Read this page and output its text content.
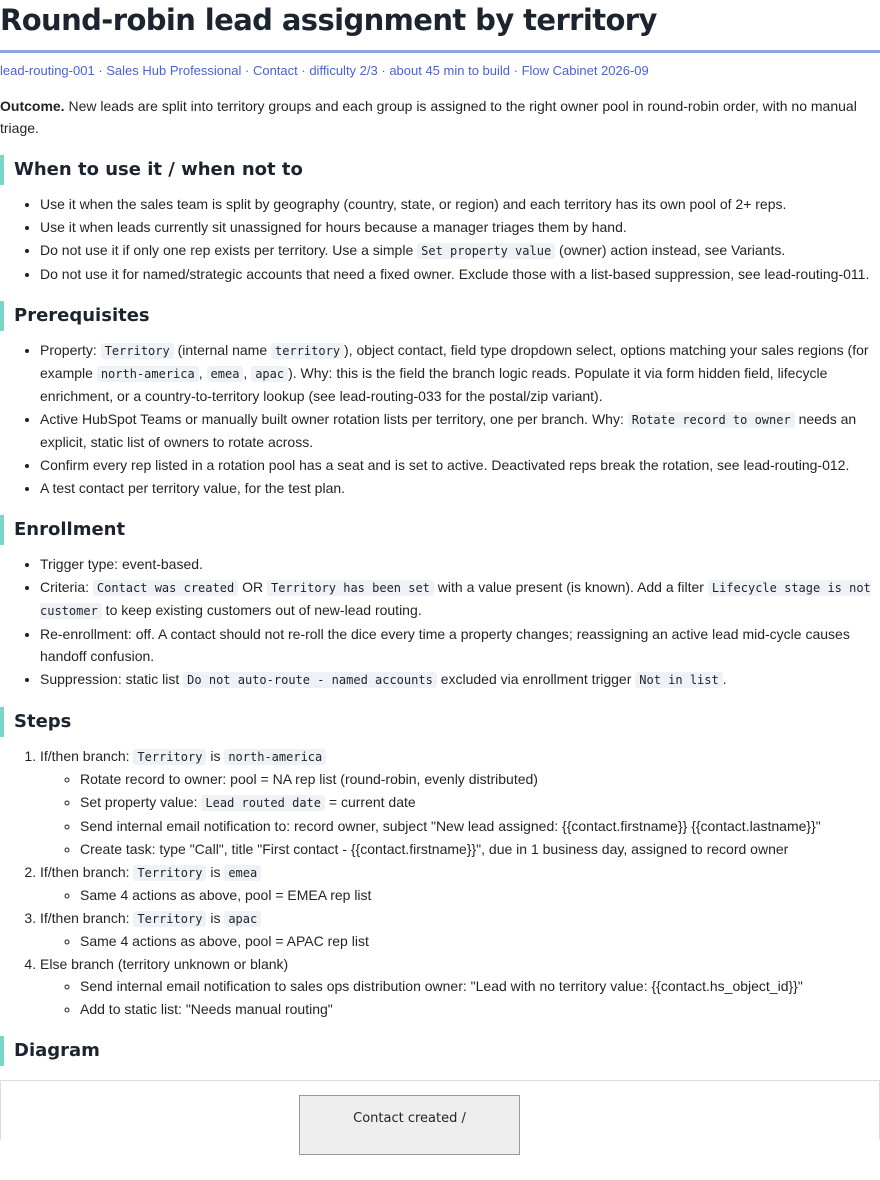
Round-robin lead assignment by territory
lead-routing-001 · Sales Hub Professional · Contact · difficulty 2/3 · about 45 min to build · Flow Cabinet 2026-09

Outcome. New leads are split into territory groups and each group is assigned to the right owner pool in round-robin order, with no manual triage.

When to use it / when not to
• Use it when the sales team is split by geography (country, state, or region) and each territory has its own pool of 2+ reps.
• Use it when leads currently sit unassigned for hours because a manager triages them by hand.
• Do not use it if only one rep exists per territory. Use a simple Set property value (owner) action instead, see Variants.
• Do not use it for named/strategic accounts that need a fixed owner. Exclude those with a list-based suppression, see lead-routing-011.
Prerequisites
• Property: Territory (internal name territory ), object contact, field type dropdown select, options matching your sales regions (for example north-america , emea , apac ). Why: this is the field the branch logic reads. Populate it via form hidden field, lifecycle enrichment, or a country-to-territory lookup (see lead-routing-033 for the postal/zip variant).
• Active HubSpot Teams or manually built owner rotation lists per territory, one per branch. Why: Rotate record to owner needs an explicit, static list of owners to rotate across.
• Confirm every rep listed in a rotation pool has a seat and is set to active. Deactivated reps break the rotation, see lead-routing-012.
• A test contact per territory value, for the test plan.
Enrollment
• Trigger type: event-based.
• Criteria: Contact was created OR Territory has been set with a value present (is known). Add a filter Lifecycle stage is not customer to keep existing customers out of new-lead routing.
• Re-enrollment: off. A contact should not re-roll the dice every time a property changes; reassigning an active lead mid-cycle causes handoff confusion.
• Suppression: static list Do not auto-route - named accounts excluded via enrollment trigger Not in list .
Steps
1. If/then branch: Territory is north-america
◦ Rotate record to owner: pool = NA rep list (round-robin, evenly distributed)
◦ Set property value: Lead routed date = current date
◦ Send internal email notification to: record owner, subject "New lead assigned: {{contact.firstname}} {{contact.lastname}}"
◦ Create task: type "Call", title "First contact - {{contact.firstname}}", due in 1 business day, assigned to record owner
2. If/then branch: Territory is emea
◦ Same 4 actions as above, pool = EMEA rep list
3. If/then branch: Territory is apac
◦ Same 4 actions as above, pool = APAC rep list
4. Else branch (territory unknown or blank)
◦ Send internal email notification to sales ops distribution owner: "Lead with no territory value: {{contact.hs_object_id}}"
◦ Add to static list: "Needs manual routing"
Diagram
Contact created /
